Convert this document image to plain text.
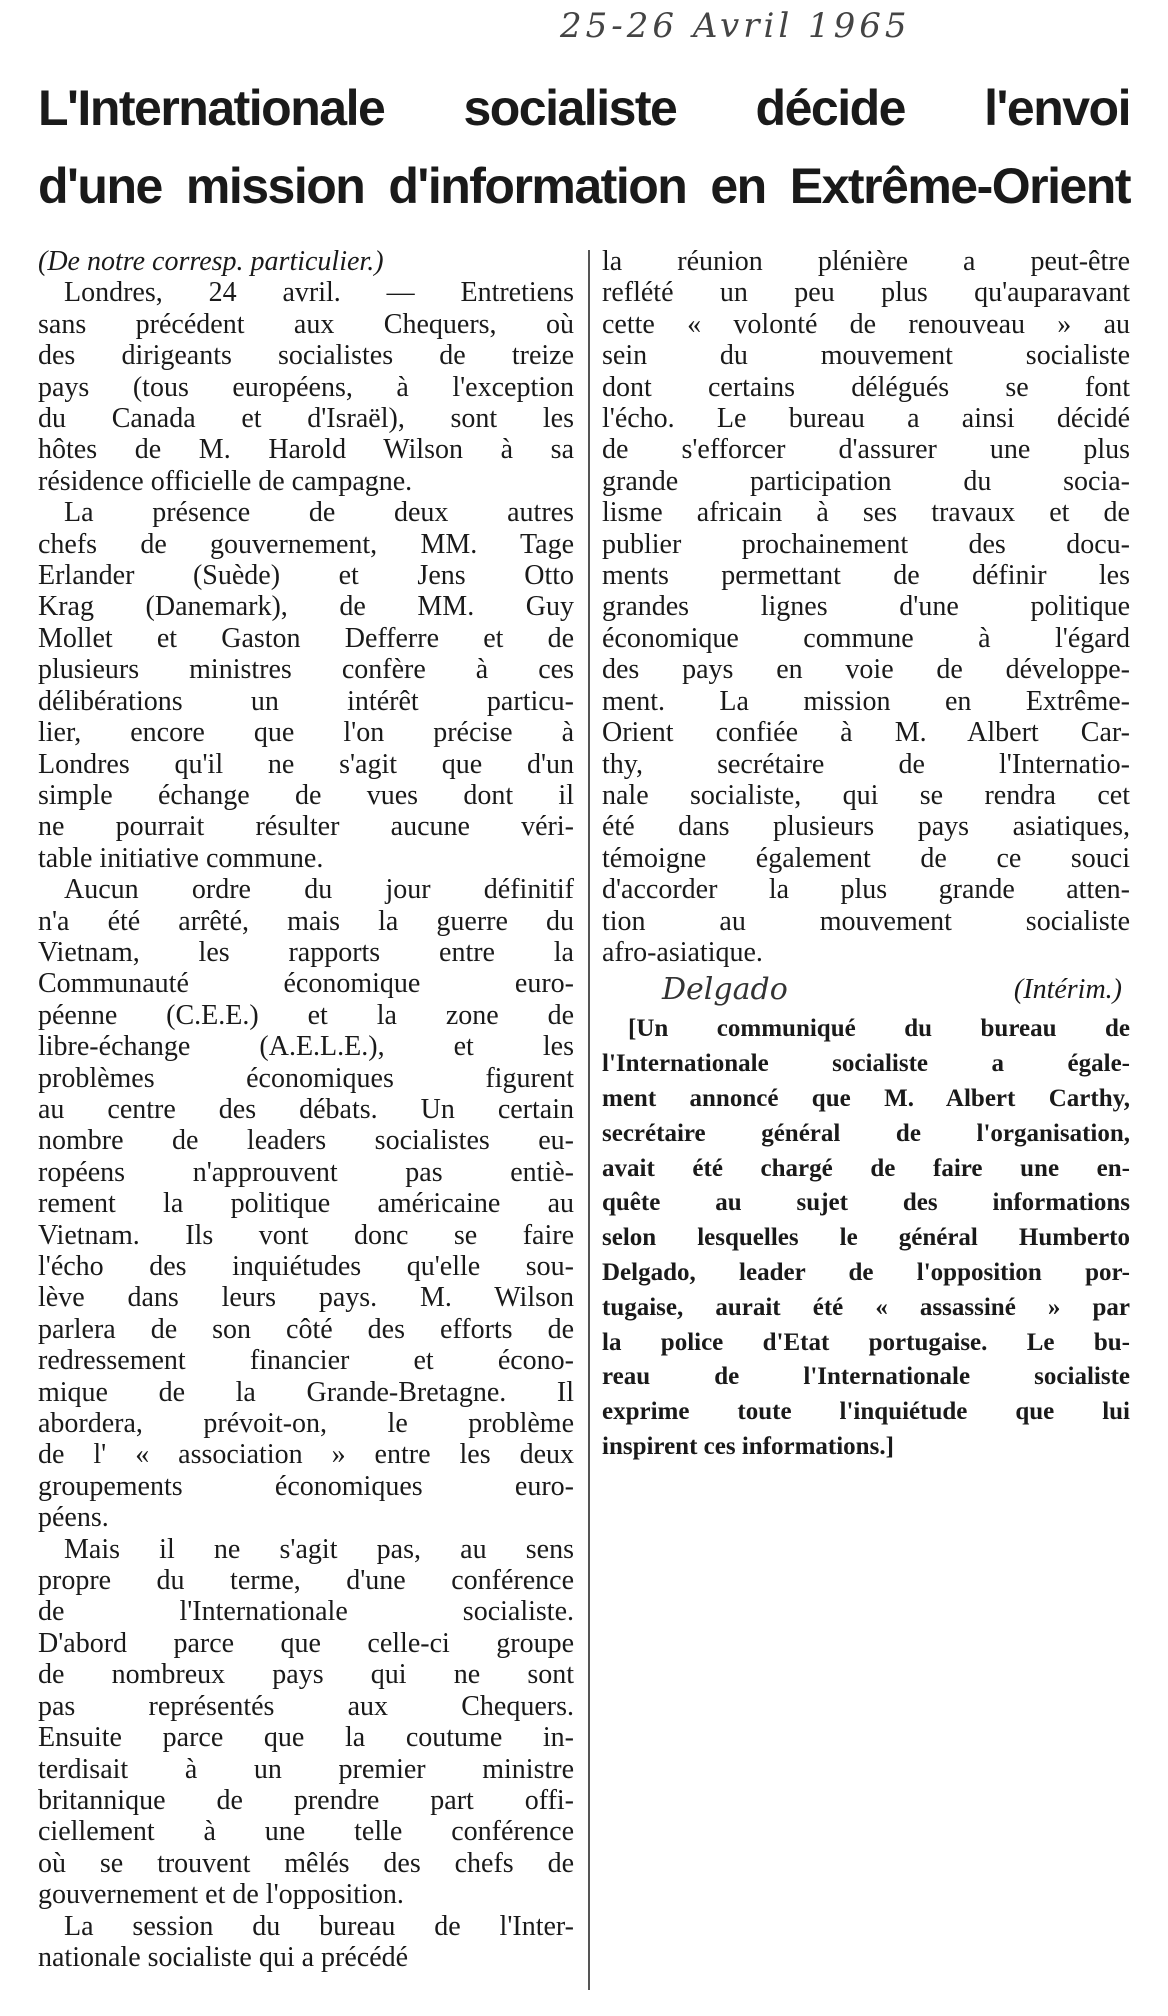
25-26 Avril 1965
L'Internationale socialiste décide l'envoi
d'une mission d'information en Extrême-Orient
(De notre corresp. particulier.)
Londres, 24 avril. — Entretiens
sans précédent aux Chequers, où
des dirigeants socialistes de treize
pays (tous européens, à l'exception
du Canada et d'Israël), sont les
hôtes de M. Harold Wilson à sa
résidence officielle de campagne.
La présence de deux autres
chefs de gouvernement, MM. Tage
Erlander (Suède) et Jens Otto
Krag (Danemark), de MM. Guy
Mollet et Gaston Defferre et de
plusieurs ministres confère à ces
délibérations un intérêt particu-
lier, encore que l'on précise à
Londres qu'il ne s'agit que d'un
simple échange de vues dont il
ne pourrait résulter aucune véri-
table initiative commune.
Aucun ordre du jour définitif
n'a été arrêté, mais la guerre du
Vietnam, les rapports entre la
Communauté économique euro-
péenne (C.E.E.) et la zone de
libre-échange (A.E.L.E.), et les
problèmes économiques figurent
au centre des débats. Un certain
nombre de leaders socialistes eu-
ropéens n'approuvent pas entiè-
rement la politique américaine au
Vietnam. Ils vont donc se faire
l'écho des inquiétudes qu'elle sou-
lève dans leurs pays. M. Wilson
parlera de son côté des efforts de
redressement financier et écono-
mique de la Grande-Bretagne. Il
abordera, prévoit-on, le problème
de l' « association » entre les deux
groupements économiques euro-
péens.
Mais il ne s'agit pas, au sens
propre du terme, d'une conférence
de l'Internationale socialiste.
D'abord parce que celle-ci groupe
de nombreux pays qui ne sont
pas représentés aux Chequers.
Ensuite parce que la coutume in-
terdisait à un premier ministre
britannique de prendre part offi-
ciellement à une telle conférence
où se trouvent mêlés des chefs de
gouvernement et de l'opposition.
La session du bureau de l'Inter-
nationale socialiste qui a précédé
la réunion plénière a peut-être
reflété un peu plus qu'auparavant
cette « volonté de renouveau » au
sein du mouvement socialiste
dont certains délégués se font
l'écho. Le bureau a ainsi décidé
de s'efforcer d'assurer une plus
grande participation du socia-
lisme africain à ses travaux et de
publier prochainement des docu-
ments permettant de définir les
grandes lignes d'une politique
économique commune à l'égard
des pays en voie de développe-
ment. La mission en Extrême-
Orient confiée à M. Albert Car-
thy, secrétaire de l'Internatio-
nale socialiste, qui se rendra cet
été dans plusieurs pays asiatiques,
témoigne également de ce souci
d'accorder la plus grande atten-
tion au mouvement socialiste
afro-asiatique.
Delgado	(Intérim.)
[Un communiqué du bureau de
l'Internationale socialiste a égale-
ment annoncé que M. Albert Carthy,
secrétaire général de l'organisation,
avait été chargé de faire une en-
quête au sujet des informations
selon lesquelles le général Humberto
Delgado, leader de l'opposition por-
tugaise, aurait été « assassiné » par
la police d'Etat portugaise. Le bu-
reau de l'Internationale socialiste
exprime toute l'inquiétude que lui
inspirent ces informations.]
